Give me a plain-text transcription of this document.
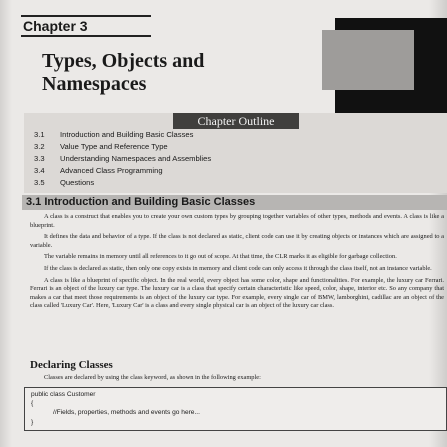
Chapter 3
Types, Objects and
Namespaces
Chapter Outline
3.1 Introduction and Building Basic Classes
3.2 Value Type and Reference Type
3.3 Understanding Namespaces and Assemblies
3.4 Advanced Class Programming
3.5 Questions
3.1 Introduction and Building Basic Classes

A class is a construct that enables you to create your own custom types by grouping together variables of other types, methods and events. A class is like a blueprint.

It defines the data and behavior of a type. If the class is not declared as static, client code can use it by creating objects or instances which are assigned to a variable.

The variable remains in memory until all references to it go out of scope. At that time, the CLR marks it as eligible for garbage collection.

If the class is declared as static, then only one copy exists in memory and client code can only access it through the class itself, not an instance variable.

A class is like a blueprint of specific object. In the real world, every object has some color, shape and functionalities. For example, the luxury car Ferrari. Ferrari is an object of the luxury car type. The luxury car is a class that specify certain characteristic like speed, color, shape, interior etc. So any company that makes a car that meet those requirements is an object of the luxury car type. For example, every single car of BMW, lamborghini, cadillac are an object of the class called 'Luxury Car'. Here, 'Luxury Car' is a class and every single physical car is an object of the luxury car class.

Declaring Classes
Classes are declared by using the class keyword, as shown in the following example:
public class Customer
{
//Fields, properties, methods and events go here...
}
